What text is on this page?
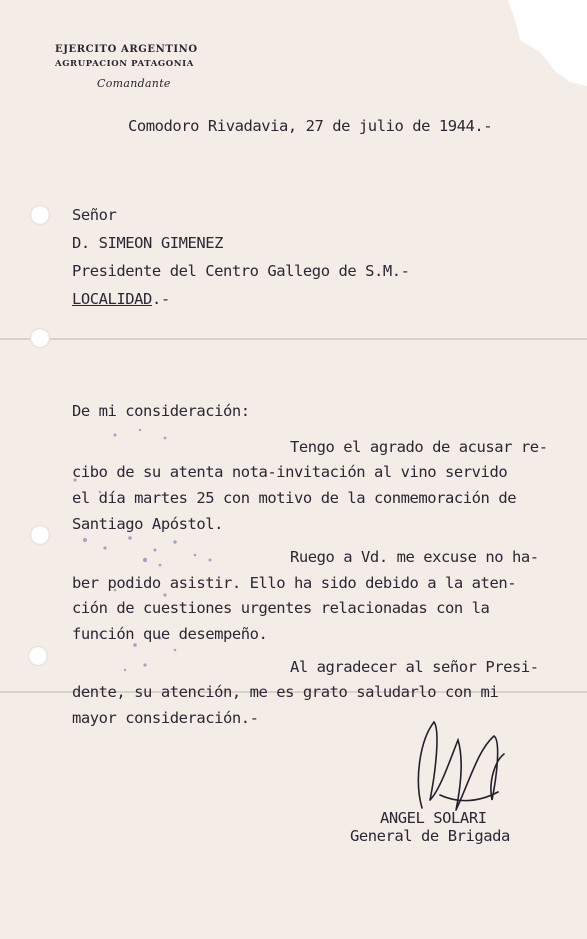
EJERCITO ARGENTINO
AGRUPACION PATAGONIA
Comandante

Comodoro Rivadavia, 27 de julio de 1944.-

Señor

D. SIMEON GIMENEZ

Presidente del Centro Gallego de S.M.-

LOCALIDAD.-

De mi consideración:

Tengo el agrado de acusar re-

cibo de su atenta nota-invitación al vino servido

el día martes 25 con motivo de la conmemoración de

Santiago Apóstol.

Ruego a Vd. me excuse no ha-

ber podido asistir. Ello ha sido debido a la aten-

ción de cuestiones urgentes relacionadas con la

función que desempeño.

Al agradecer al señor Presi-

dente, su atención, me es grato saludarlo con mi

mayor consideración.-

ANGEL SOLARI

General de Brigada
